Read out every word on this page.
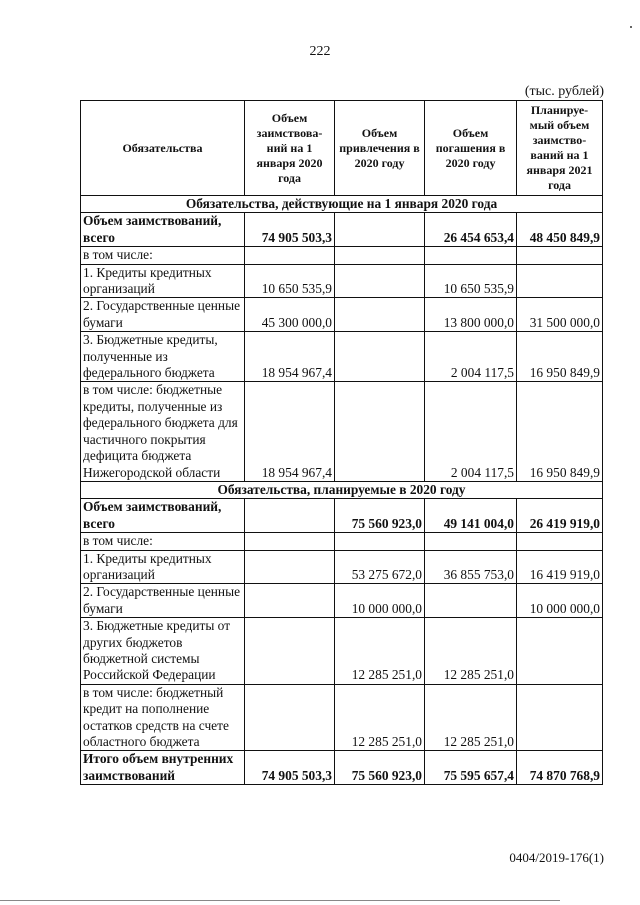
222
(тыс. рублей)
Обязательства	Объем заимствова-ний на 1 января 2020 года	Объем привлечения в 2020 году	Объем погашения в 2020 году	Планируе-мый объем заимство-ваний на 1 января 2021 года
Обязательства, действующие на 1 января 2020 года				
Объем заимствований, всего	74 905 503,3		26 454 653,4	48 450 849,9
в том числе:				
1. Кредиты кредитных организаций	10 650 535,9		10 650 535,9	
2. Государственные ценные бумаги	45 300 000,0		13 800 000,0	31 500 000,0
3. Бюджетные кредиты, полученные из федерального бюджета	18 954 967,4		2 004 117,5	16 950 849,9
в том числе: бюджетные кредиты, полученные из федерального бюджета для частичного покрытия дефицита бюджета Нижегородской области	18 954 967,4		2 004 117,5	16 950 849,9
Обязательства, планируемые в 2020 году				
Объем заимствований, всего		75 560 923,0	49 141 004,0	26 419 919,0
в том числе:				
1. Кредиты кредитных организаций		53 275 672,0	36 855 753,0	16 419 919,0
2. Государственные ценные бумаги		10 000 000,0		10 000 000,0
3. Бюджетные кредиты от других бюджетов бюджетной системы Российской Федерации		12 285 251,0	12 285 251,0	
в том числе: бюджетный кредит на пополнение остатков средств на счете областного бюджета		12 285 251,0	12 285 251,0	
Итого объем внутренних заимствований	74 905 503,3	75 560 923,0	75 595 657,4	74 870 768,9
0404/2019-176(1)
